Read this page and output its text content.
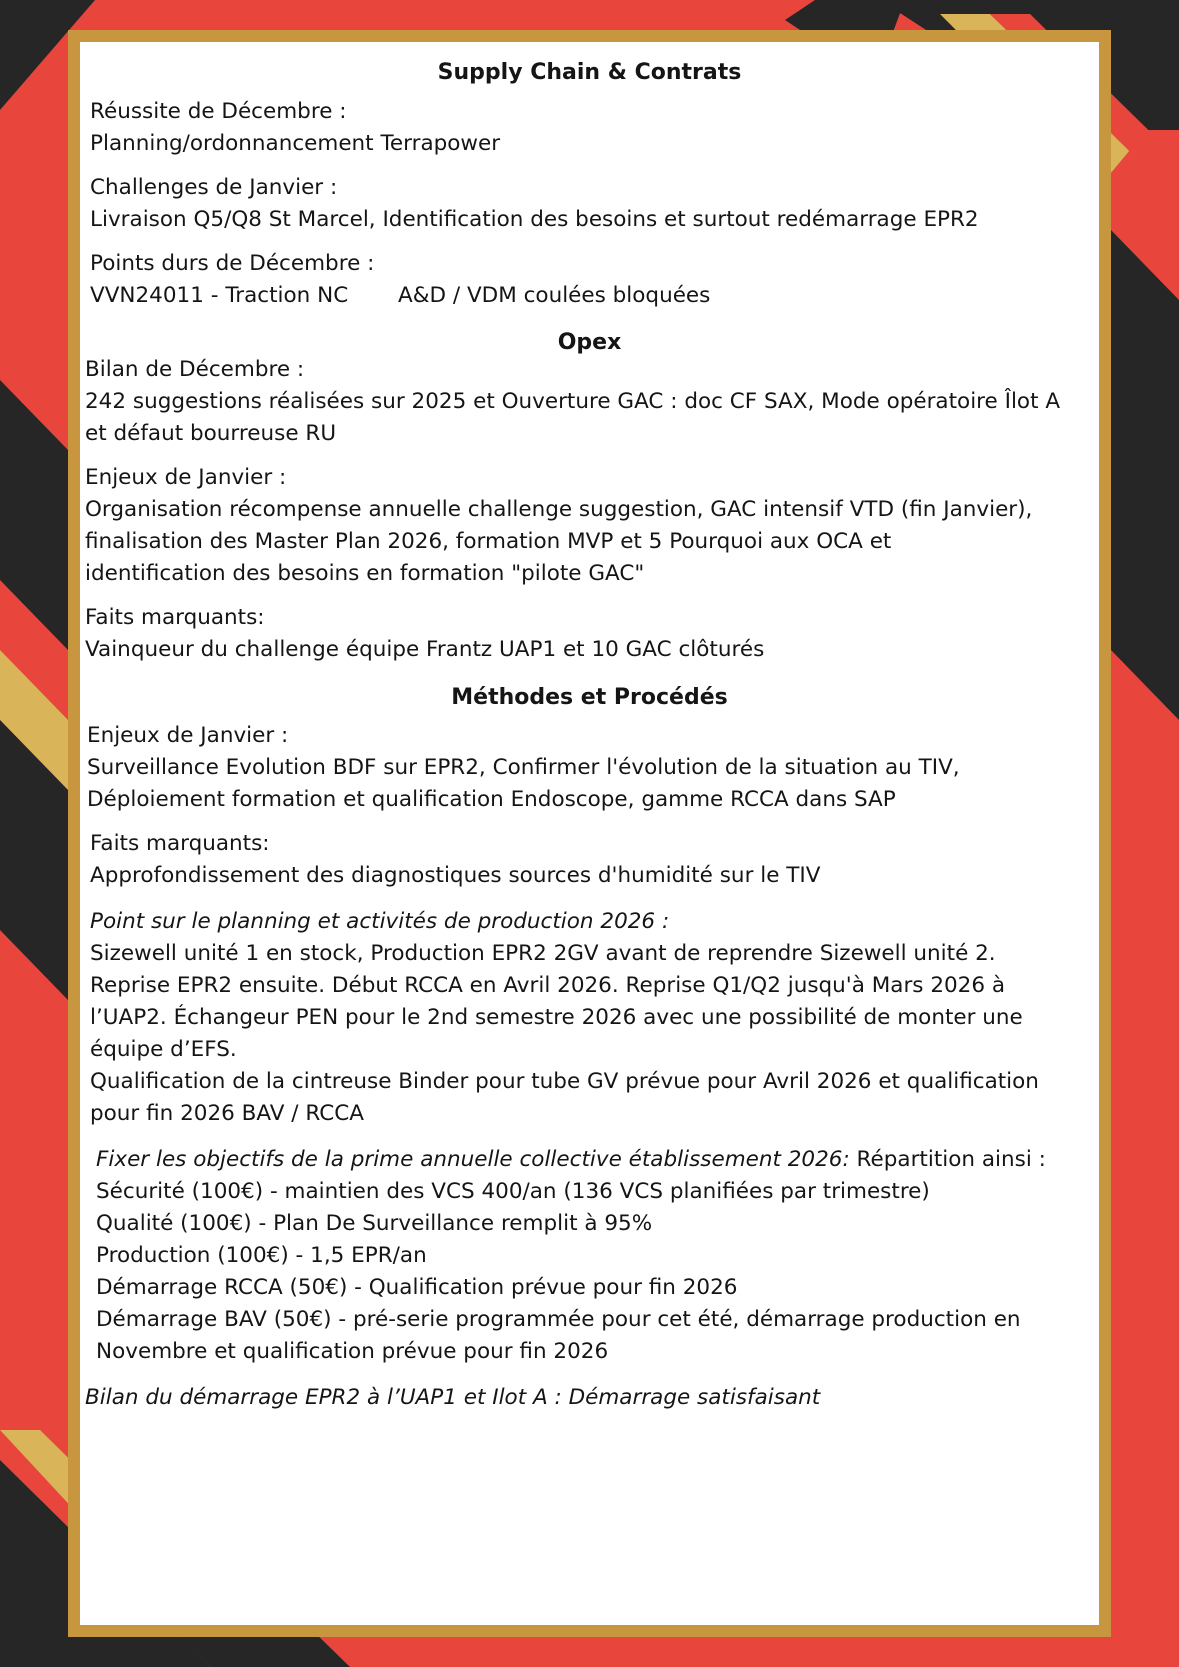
Supply Chain & Contrats
Réussite de Décembre :
Planning/ordonnancement Terrapower
Challenges de Janvier :
Livraison Q5/Q8 St Marcel, Identification des besoins et surtout redémarrage EPR2
Points durs de Décembre :
VVN24011 - Traction NC A&D / VDM coulées bloquées
Opex
Bilan de Décembre :
242 suggestions réalisées sur 2025 et Ouverture GAC : doc CF SAX, Mode opératoire Îlot A
et défaut bourreuse RU
Enjeux de Janvier :
Organisation récompense annuelle challenge suggestion, GAC intensif VTD (fin Janvier),
finalisation des Master Plan 2026, formation MVP et 5 Pourquoi aux OCA et
identification des besoins en formation "pilote GAC"
Faits marquants:
Vainqueur du challenge équipe Frantz UAP1 et 10 GAC clôturés
Méthodes et Procédés
Enjeux de Janvier :
Surveillance Evolution BDF sur EPR2, Confirmer l'évolution de la situation au TIV,
Déploiement formation et qualification Endoscope, gamme RCCA dans SAP
Faits marquants:
Approfondissement des diagnostiques sources d'humidité sur le TIV
Point sur le planning et activités de production 2026 :
Sizewell unité 1 en stock, Production EPR2 2GV avant de reprendre Sizewell unité 2.
Reprise EPR2 ensuite. Début RCCA en Avril 2026. Reprise Q1/Q2 jusqu'à Mars 2026 à
l’UAP2. Échangeur PEN pour le 2nd semestre 2026 avec une possibilité de monter une
équipe d’EFS.
Qualification de la cintreuse Binder pour tube GV prévue pour Avril 2026 et qualification
pour fin 2026 BAV / RCCA
Fixer les objectifs de la prime annuelle collective établissement 2026: Répartition ainsi :
Sécurité (100€) - maintien des VCS 400/an (136 VCS planifiées par trimestre)
Qualité (100€) - Plan De Surveillance remplit à 95%
Production (100€) - 1,5 EPR/an
Démarrage RCCA (50€) - Qualification prévue pour fin 2026
Démarrage BAV (50€) - pré-serie programmée pour cet été, démarrage production en
Novembre et qualification prévue pour fin 2026
Bilan du démarrage EPR2 à l’UAP1 et Ilot A : Démarrage satisfaisant
